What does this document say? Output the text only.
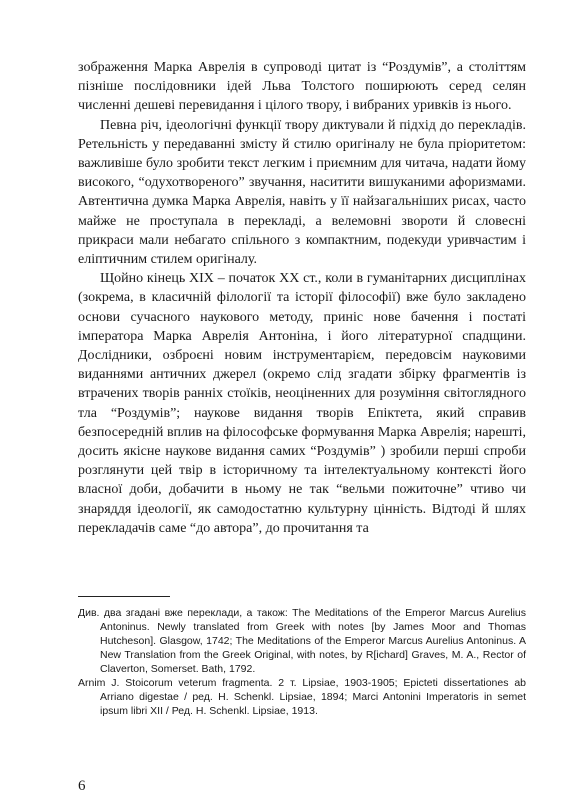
зображення Марка Аврелія в супроводі цитат із “Роздумів”, а століттям пізніше послідовники ідей Льва Толстого поширюють серед селян численні дешеві перевидання і цілого твору, і вибраних уривків із нього.
Певна річ, ідеологічні функції твору диктували й підхід до перекладів. Ретельність у передаванні змісту й стилю оригіналу не була пріоритетом: важливіше було зробити текст легким і приємним для читача, надати йому високого, “одухотвореного” звучання, наситити вишуканими афоризмами. Автентична думка Марка Аврелія, навіть у її найзагальніших рисах, часто майже не проступала в перекладі, а велемовні звороти й словесні прикраси мали небагато спільного з компактним, подекуди уривчастим і еліптичним стилем оригіналу.
Щойно кінець XIX – початок XX ст., коли в гуманітарних дисциплінах (зокрема, в класичній філології та історії філософії) вже було закладено основи сучасного наукового методу, приніс нове бачення і постаті імператора Марка Аврелія Антоніна, і його літературної спадщини. Дослідники, озброєні новим інструментарієм, передовсім науковими виданнями античних джерел (окремо слід згадати збірку фрагментів із втрачених творів ранніх стоїків, неоціненних для розуміння світоглядного тла “Роздумів”; наукове видання творів Епіктета, який справив безпосередній вплив на філософське формування Марка Аврелія; нарешті, досить якісне наукове видання самих “Роздумів” ) зробили перші спроби розглянути цей твір в історичному та інтелектуальному контексті його власної доби, добачити в ньому не так “вельми пожиточне” чтиво чи знаряддя ідеології, як самодостатню культурну цінність. Відтоді й шлях перекладачів саме “до автора”, до прочитання та
Див. два згадані вже переклади, а також: The Meditations of the Emperor Marcus Aurelius Antoninus. Newly translated from Greek with notes [by James Moor and Thomas Hutcheson]. Glasgow, 1742; The Meditations of the Emperor Marcus Aurelius Antoninus. A New Translation from the Greek Original, with notes, by R[ichard] Graves, M. A., Rector of Claverton, Somerset. Bath, 1792.
Arnim J. Stoicorum veterum fragmenta. 2 т. Lipsiae, 1903-1905; Epicteti dissertationes ab Arriano digestae / ред. H. Schenkl. Lipsiae, 1894; Marci Antonini Imperatoris in semet ipsum libri XII / Ред. H. Schenkl. Lipsiae, 1913.
6
